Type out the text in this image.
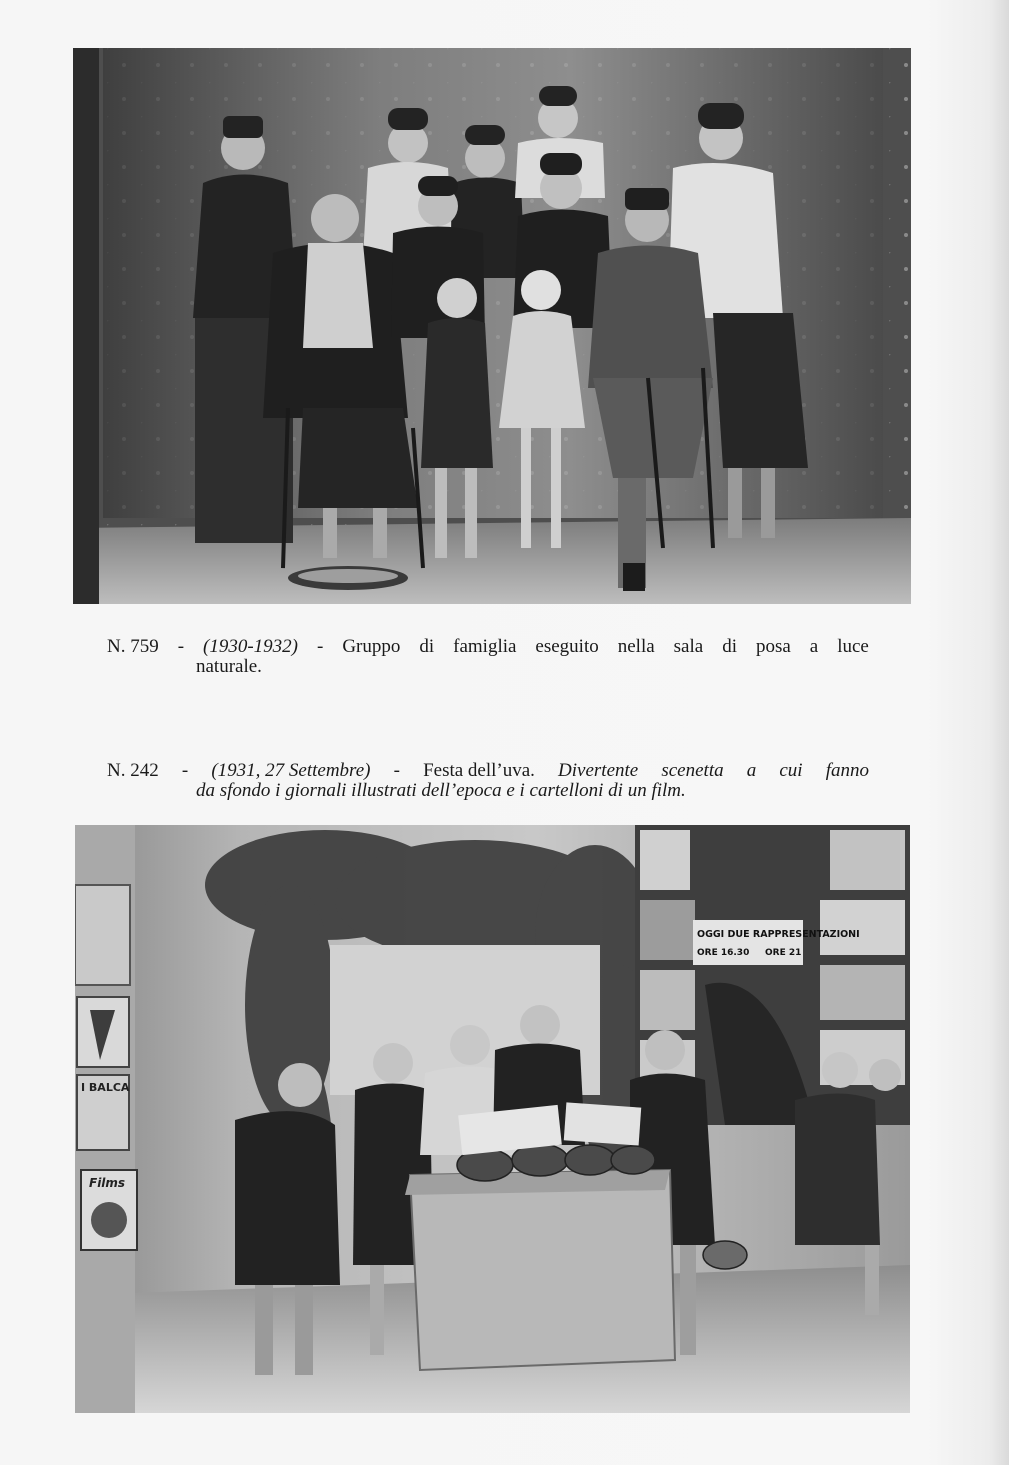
N. 759 - (1930-1932) - Gruppo di famiglia eseguito nella sala di posa a luce
naturale.
N. 242 - (1931, 27 Settembre) - Festa dell’uva. Divertente scenetta a cui fanno
da sfondo i giornali illustrati dell’epoca e i cartelloni di un film.
I BALCA
Films
OGGI DUE RAPPRESENTAZIONI
ORE 16.30 ORE 21
